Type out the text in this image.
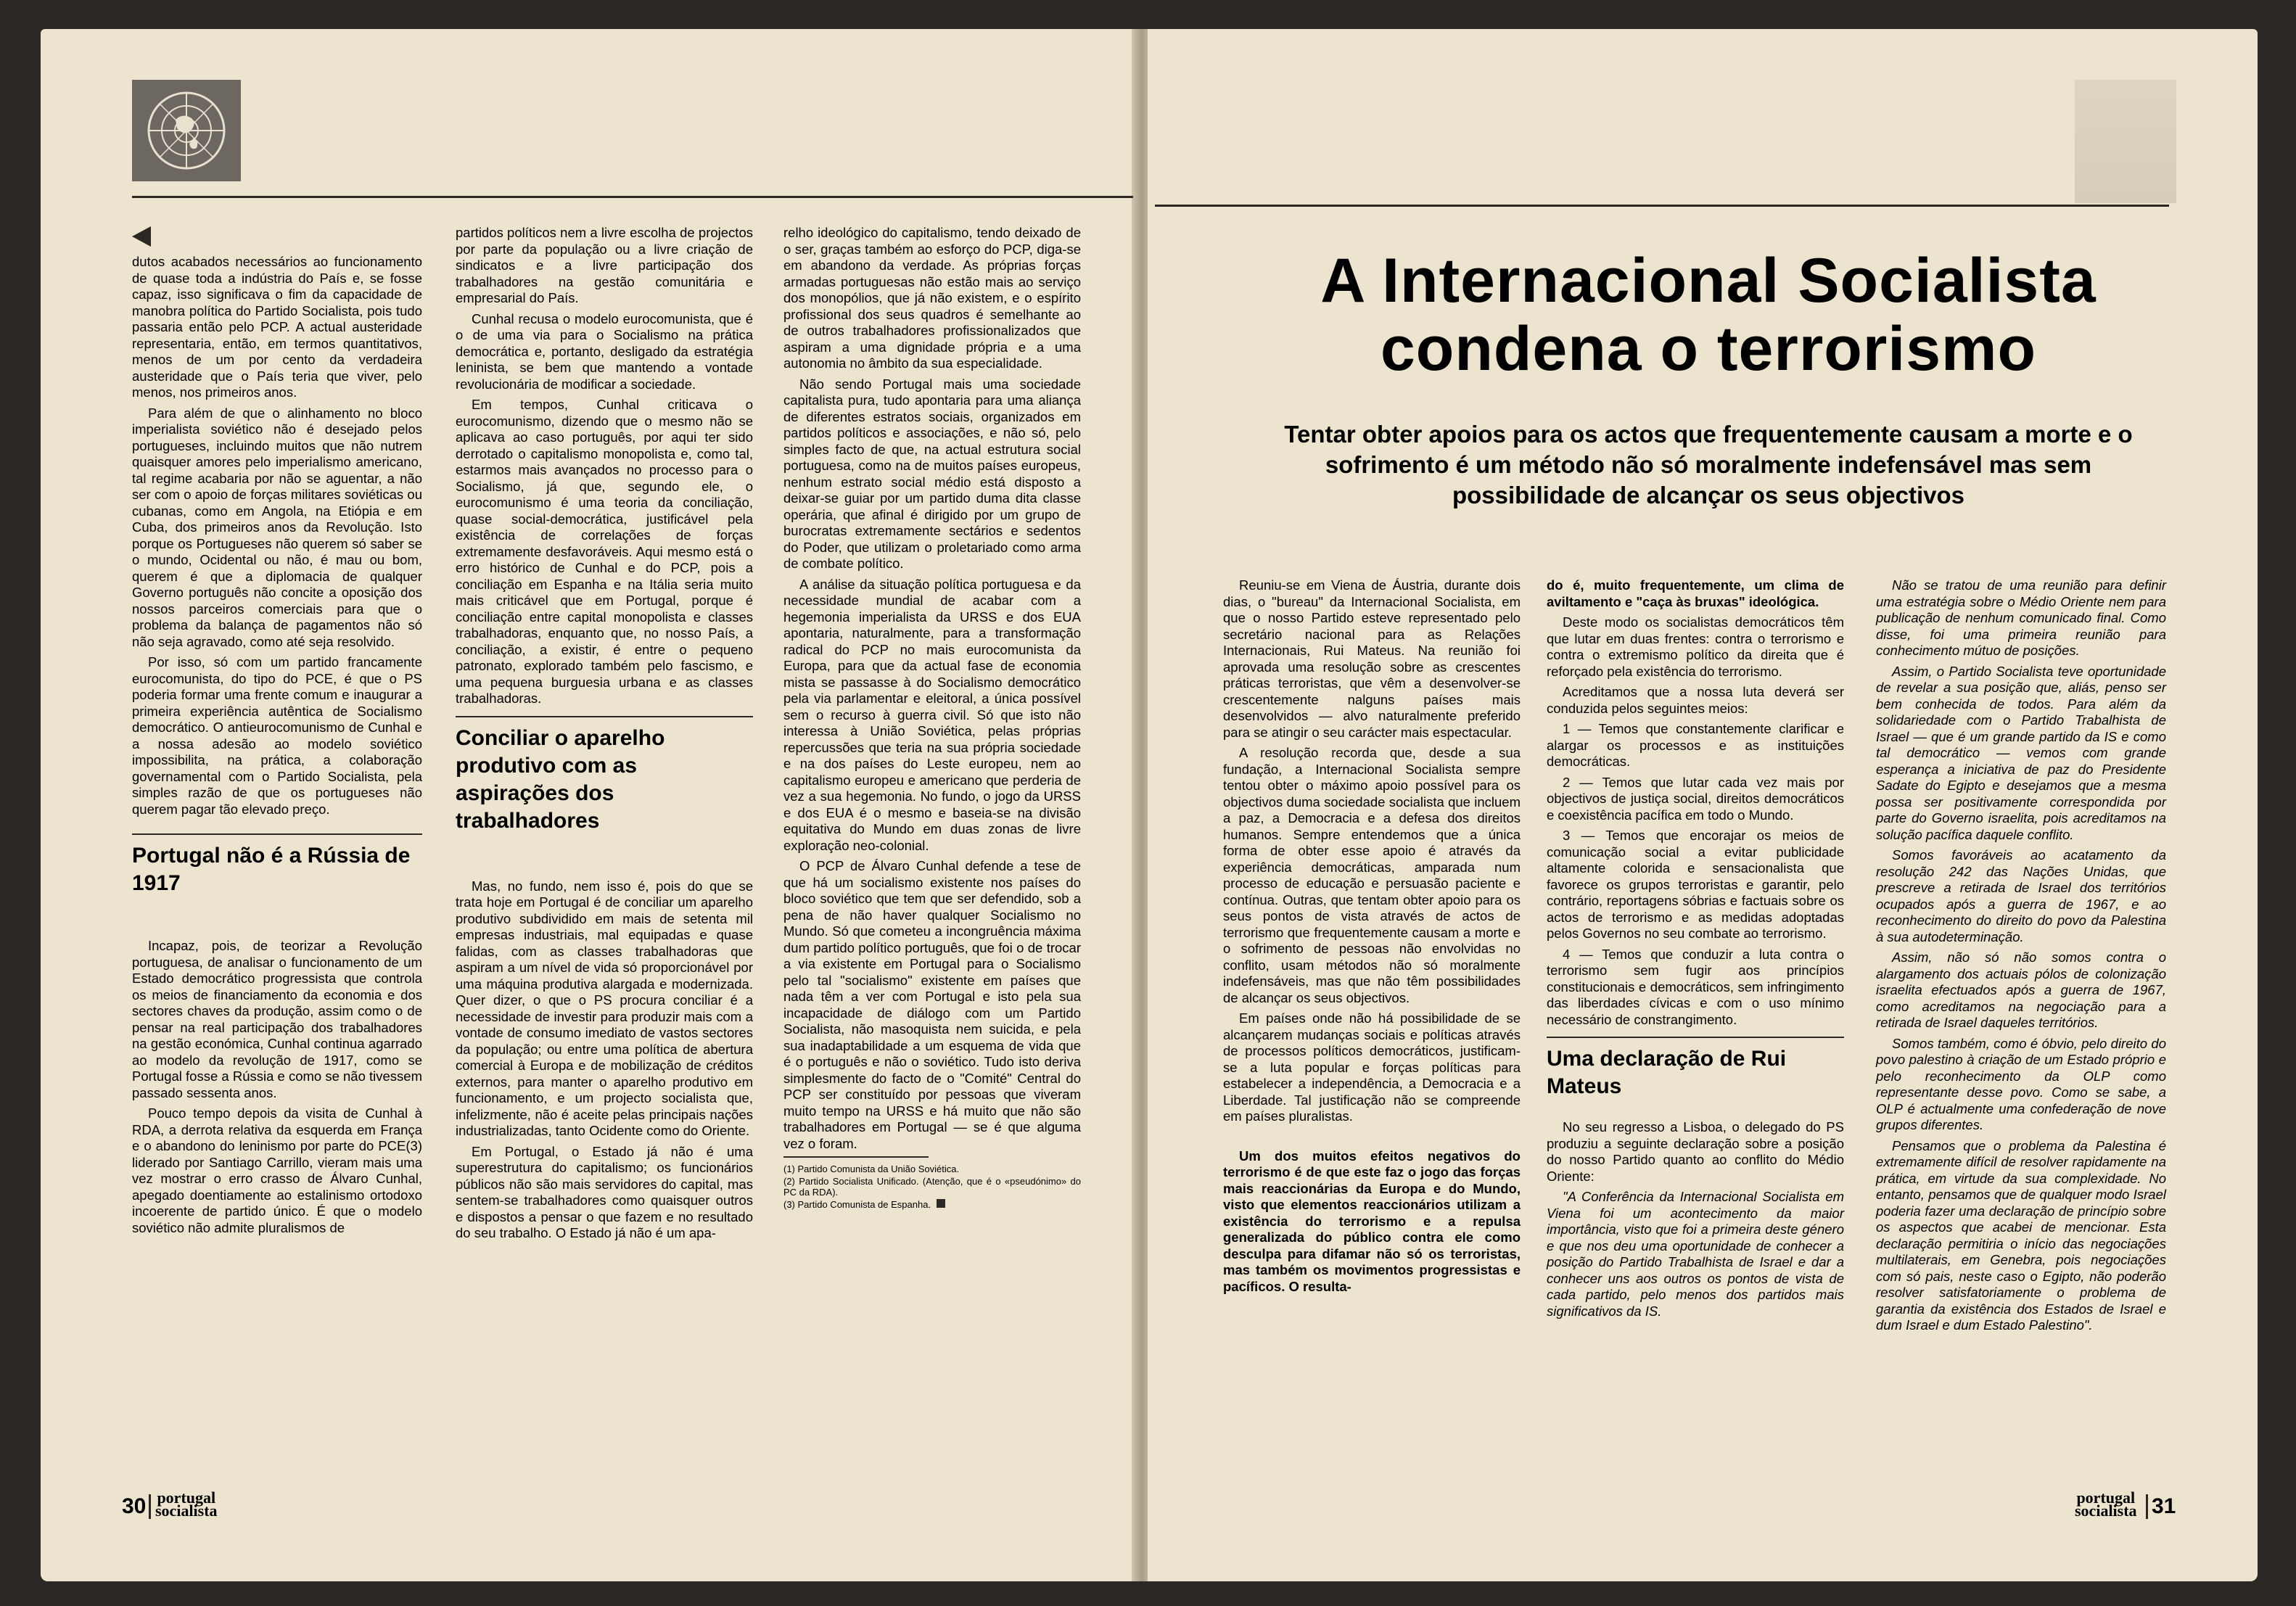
dutos acabados necessários ao funcionamento de quase toda a indústria do País e, se fosse capaz, isso significava o fim da capacidade de manobra política do Partido Socialista, pois tudo passaria então pelo PCP. A actual austeridade representaria, então, em termos quantitativos, menos de um por cento da verdadeira austeridade que o País teria que viver, pelo menos, nos primeiros anos.

Para além de que o alinhamento no bloco imperialista soviético não é desejado pelos portugueses, incluindo muitos que não nutrem quaisquer amores pelo imperialismo americano, tal regime acabaria por não se aguentar, a não ser com o apoio de forças militares soviéticas ou cubanas, como em Angola, na Etiópia e em Cuba, dos primeiros anos da Revolução. Isto porque os Portugueses não querem só saber se o mundo, Ocidental ou não, é mau ou bom, querem é que a diplomacia de qualquer Governo português não concite a oposição dos nossos parceiros comerciais para que o problema da balança de pagamentos não só não seja agravado, como até seja resolvido.

Por isso, só com um partido francamente eurocomunista, do tipo do PCE, é que o PS poderia formar uma frente comum e inaugurar a primeira experiência autêntica de Socialismo democrático. O antieurocomunismo de Cunhal e a nossa adesão ao modelo soviético impossibilita, na prática, a colaboração governamental com o Partido Socialista, pela simples razão de que os portugueses não querem pagar tão elevado preço.

Portugal não é a Rússia de 1917

Incapaz, pois, de teorizar a Revolução portuguesa, de analisar o funcionamento de um Estado democrático progressista que controla os meios de financiamento da economia e dos sectores chaves da produção, assim como o de pensar na real participação dos trabalhadores na gestão económica, Cunhal continua agarrado ao modelo da revolução de 1917, como se Portugal fosse a Rússia e como se não tivessem passado sessenta anos.

Pouco tempo depois da visita de Cunhal à RDA, a derrota relativa da esquerda em França e o abandono do leninismo por parte do PCE(3) liderado por Santiago Carrillo, vieram mais uma vez mostrar o erro crasso de Álvaro Cunhal, apegado doentiamente ao estalinismo ortodoxo incoerente de partido único. É que o modelo soviético não admite pluralismos de

partidos políticos nem a livre escolha de projectos por parte da população ou a livre criação de sindicatos e a livre participação dos trabalhadores na gestão comunitária e empresarial do País.

Cunhal recusa o modelo eurocomunista, que é o de uma via para o Socialismo na prática democrática e, portanto, desligado da estratégia leninista, se bem que mantendo a vontade revolucionária de modificar a sociedade.

Em tempos, Cunhal criticava o eurocomunismo, dizendo que o mesmo não se aplicava ao caso português, por aqui ter sido derrotado o capitalismo monopolista e, como tal, estarmos mais avançados no processo para o Socialismo, já que, segundo ele, o eurocomunismo é uma teoria da conciliação, quase social-democrática, justificável pela existência de correlações de forças extremamente desfavoráveis. Aqui mesmo está o erro histórico de Cunhal e do PCP, pois a conciliação em Espanha e na Itália seria muito mais criticável que em Portugal, porque é conciliação entre capital monopolista e classes trabalhadoras, enquanto que, no nosso País, a conciliação, a existir, é entre o pequeno patronato, explorado também pelo fascismo, e uma pequena burguesia urbana e as classes trabalhadoras.

Conciliar o aparelho produtivo com as aspirações dos trabalhadores

Mas, no fundo, nem isso é, pois do que se trata hoje em Portugal é de conciliar um aparelho produtivo subdividido em mais de setenta mil empresas industriais, mal equipadas e quase falidas, com as classes trabalhadoras que aspiram a um nível de vida só proporcionável por uma máquina produtiva alargada e modernizada. Quer dizer, o que o PS procura conciliar é a necessidade de investir para produzir mais com a vontade de consumo imediato de vastos sectores da população; ou entre uma política de abertura comercial à Europa e de mobilização de créditos externos, para manter o aparelho produtivo em funcionamento, e um projecto socialista que, infelizmente, não é aceite pelas principais nações industrializadas, tanto Ocidente como do Oriente.

Em Portugal, o Estado já não é uma superestrutura do capitalismo; os funcionários públicos não são mais servidores do capital, mas sentem-se trabalhadores como quaisquer outros e dispostos a pensar o que fazem e no resultado do seu trabalho. O Estado já não é um apa-

relho ideológico do capitalismo, tendo deixado de o ser, graças também ao esforço do PCP, diga-se em abandono da verdade. As próprias forças armadas portuguesas não estão mais ao serviço dos monopólios, que já não existem, e o espírito profissional dos seus quadros é semelhante ao de outros trabalhadores profissionalizados que aspiram a uma dignidade própria e a uma autonomia no âmbito da sua especialidade.

Não sendo Portugal mais uma sociedade capitalista pura, tudo apontaria para uma aliança de diferentes estratos sociais, organizados em partidos políticos e associações, e não só, pelo simples facto de que, na actual estrutura social portuguesa, como na de muitos países europeus, nenhum estrato social médio está disposto a deixar-se guiar por um partido duma dita classe operária, que afinal é dirigido por um grupo de burocratas extremamente sectários e sedentos do Poder, que utilizam o proletariado como arma de combate político.

A análise da situação política portuguesa e da necessidade mundial de acabar com a hegemonia imperialista da URSS e dos EUA apontaria, naturalmente, para a transformação radical do PCP no mais eurocomunista da Europa, para que da actual fase de economia mista se passasse à do Socialismo democrático pela via parlamentar e eleitoral, a única possível sem o recurso à guerra civil. Só que isto não interessa à União Soviética, pelas próprias repercussões que teria na sua própria sociedade e na dos países do Leste europeu, nem ao capitalismo europeu e americano que perderia de vez a sua hegemonia. No fundo, o jogo da URSS e dos EUA é o mesmo e baseia-se na divisão equitativa do Mundo em duas zonas de livre exploração neo-colonial.

O PCP de Álvaro Cunhal defende a tese de que há um socialismo existente nos países do bloco soviético que tem que ser defendido, sob a pena de não haver qualquer Socialismo no Mundo. Só que cometeu a incongruência máxima dum partido político português, que foi o de trocar a via existente em Portugal para o Socialismo pelo tal "socialismo" existente em países que nada têm a ver com Portugal e isto pela sua incapacidade de diálogo com um Partido Socialista, não masoquista nem suicida, e pela sua inadaptabilidade a um esquema de vida que é o português e não o soviético. Tudo isto deriva simplesmente do facto de o "Comité" Central do PCP ser constituído por pessoas que viveram muito tempo na URSS e há muito que não são trabalhadores em Portugal — se é que alguma vez o foram.

(1) Partido Comunista da União Soviética.
(2) Partido Socialista Unificado. (Atenção, que é o «pseudónimo» do PC da RDA).
(3) Partido Comunista de Espanha.
30 portugal
socialista
A Internacional Socialista condena o terrorismo
Tentar obter apoios para os actos que frequentemente causam a morte e o sofrimento é um método não só moralmente indefensável mas sem possibilidade de alcançar os seus objectivos

Reuniu-se em Viena de Áustria, durante dois dias, o "bureau" da Internacional Socialista, em que o nosso Partido esteve representado pelo secretário nacional para as Relações Internacionais, Rui Mateus. Na reunião foi aprovada uma resolução sobre as crescentes práticas terroristas, que vêm a desenvolver-se crescentemente nalguns países mais desenvolvidos — alvo naturalmente preferido para se atingir o seu carácter mais espectacular.

A resolução recorda que, desde a sua fundação, a Internacional Socialista sempre tentou obter o máximo apoio possível para os objectivos duma sociedade socialista que incluem a paz, a Democracia e a defesa dos direitos humanos. Sempre entendemos que a única forma de obter esse apoio é através da experiência democráticas, amparada num processo de educação e persuasão paciente e contínua. Outras, que tentam obter apoio para os seus pontos de vista através de actos de terrorismo que frequentemente causam a morte e o sofrimento de pessoas não envolvidas no conflito, usam métodos não só moralmente indefensáveis, mas que não têm possibilidades de alcançar os seus objectivos.

Em países onde não há possibilidade de se alcançarem mudanças sociais e políticas através de processos políticos democráticos, justificam-se a luta popular e forças políticas para estabelecer a independência, a Democracia e a Liberdade. Tal justificação não se compreende em países pluralistas.

Um dos muitos efeitos negativos do terrorismo é de que este faz o jogo das forças mais reaccionárias da Europa e do Mundo, visto que elementos reaccionários utilizam a existência do terrorismo e a repulsa generalizada do público contra ele como desculpa para difamar não só os terroristas, mas também os movimentos progressistas e pacíficos. O resulta-

do é, muito frequentemente, um clima de aviltamento e "caça às bruxas" ideológica.

Deste modo os socialistas democráticos têm que lutar em duas frentes: contra o terrorismo e contra o extremismo político da direita que é reforçado pela existência do terrorismo.

Acreditamos que a nossa luta deverá ser conduzida pelos seguintes meios:

1 — Temos que constantemente clarificar e alargar os processos e as instituições democráticas.

2 — Temos que lutar cada vez mais por objectivos de justiça social, direitos democráticos e coexistência pacífica em todo o Mundo.

3 — Temos que encorajar os meios de comunicação social a evitar publicidade altamente colorida e sensacionalista que favorece os grupos terroristas e garantir, pelo contrário, reportagens sóbrias e factuais sobre os actos de terrorismo e as medidas adoptadas pelos Governos no seu combate ao terrorismo.

4 — Temos que conduzir a luta contra o terrorismo sem fugir aos princípios constitucionais e democráticos, sem infringimento das liberdades cívicas e com o uso mínimo necessário de constrangimento.

Uma declaração de Rui Mateus

No seu regresso a Lisboa, o delegado do PS produziu a seguinte declaração sobre a posição do nosso Partido quanto ao conflito do Médio Oriente:

"A Conferência da Internacional Socialista em Viena foi um acontecimento da maior importância, visto que foi a primeira deste género e que nos deu uma oportunidade de conhecer a posição do Partido Trabalhista de Israel e dar a conhecer uns aos outros os pontos de vista de cada partido, pelo menos dos partidos mais significativos da IS.

Não se tratou de uma reunião para definir uma estratégia sobre o Médio Oriente nem para publicação de nenhum comunicado final. Como disse, foi uma primeira reunião para conhecimento mútuo de posições.

Assim, o Partido Socialista teve oportunidade de revelar a sua posição que, aliás, penso ser bem conhecida de todos. Para além da solidariedade com o Partido Trabalhista de Israel — que é um grande partido da IS e como tal democrático — vemos com grande esperança a iniciativa de paz do Presidente Sadate do Egipto e desejamos que a mesma possa ser positivamente correspondida por parte do Governo israelita, pois acreditamos na solução pacífica daquele conflito.

Somos favoráveis ao acatamento da resolução 242 das Nações Unidas, que prescreve a retirada de Israel dos territórios ocupados após a guerra de 1967, e ao reconhecimento do direito do povo da Palestina à sua autodeterminação.

Assim, não só não somos contra o alargamento dos actuais pólos de colonização israelita efectuados após a guerra de 1967, como acreditamos na negociação para a retirada de Israel daqueles territórios.

Somos também, como é óbvio, pelo direito do povo palestino à criação de um Estado próprio e pelo reconhecimento da OLP como representante desse povo. Como se sabe, a OLP é actualmente uma confederação de nove grupos diferentes.

Pensamos que o problema da Palestina é extremamente difícil de resolver rapidamente na prática, em virtude da sua complexidade. No entanto, pensamos que de qualquer modo Israel poderia fazer uma declaração de princípio sobre os aspectos que acabei de mencionar. Esta declaração permitiria o início das negociações multilaterais, em Genebra, pois negociações com só pais, neste caso o Egipto, não poderão resolver satisfatoriamente o problema de garantia da existência dos Estados de Israel e dum Israel e dum Estado Palestino".

portugal
socialista 31
